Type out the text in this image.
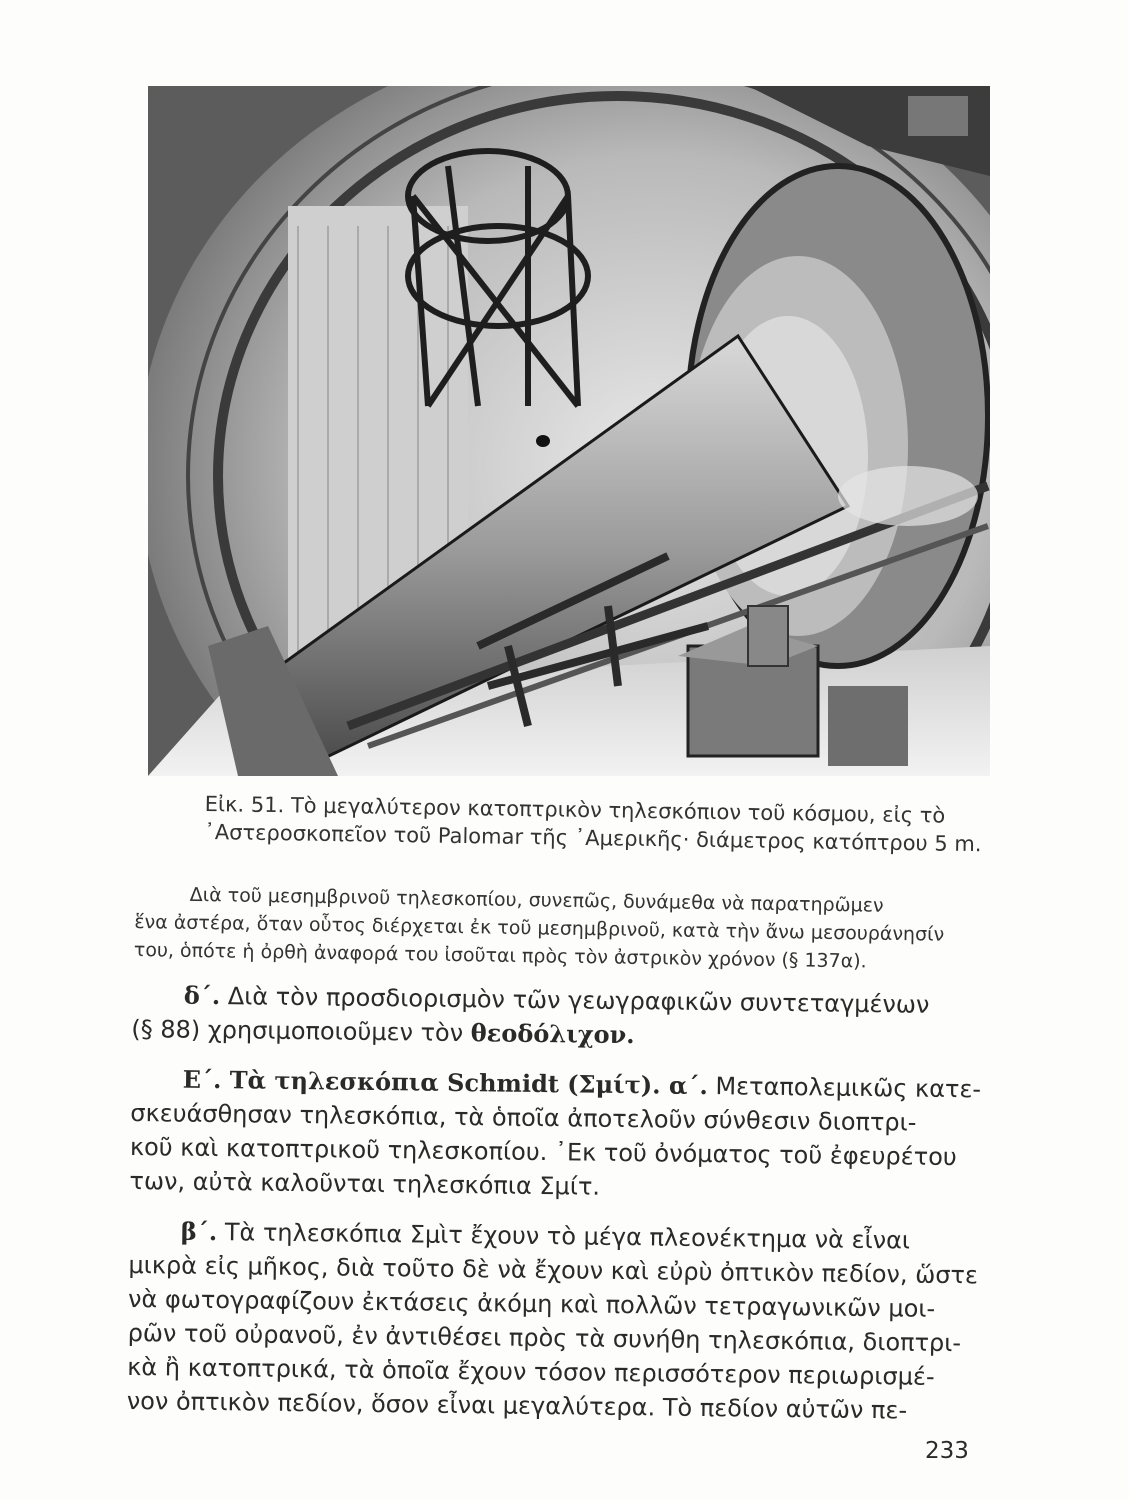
Εἰκ. 51. Τὸ μεγαλύτερον κατοπτρικὸν τηλεσκόπιον τοῦ κόσμου, εἰς τὸ
᾿Αστεροσκοπεῖον τοῦ Palomar τῆς ᾿Αμερικῆς· διάμετρος κατόπτρου 5 m.
Διὰ τοῦ μεσημβρινοῦ τηλεσκοπίου, συνεπῶς, δυνάμεθα νὰ παρατηρῶμεν
ἕνα ἀστέρα, ὅταν οὗτος διέρχεται ἐκ τοῦ μεσημβρινοῦ, κατὰ τὴν ἄνω μεσουράνησίν
του, ὁπότε ἡ ὀρθὴ ἀναφορά του ἰσοῦται πρὸς τὸν ἀστρικὸν χρόνον (§ 137α).
δ΄. Διὰ τὸν προσδιορισμὸν τῶν γεωγραφικῶν συντεταγμένων
(§ 88) χρησιμοποιοῦμεν τὸν θεοδόλιχον.
Ε΄. Τὰ τηλεσκόπια Schmidt (Σμίτ). α΄. Μεταπολεμικῶς κατε-
σκευάσθησαν τηλεσκόπια, τὰ ὁποῖα ἀποτελοῦν σύνθεσιν διοπτρι-
κοῦ καὶ κατοπτρικοῦ τηλεσκοπίου. ᾿Εκ τοῦ ὀνόματος τοῦ ἐφευρέτου
των, αὐτὰ καλοῦνται τηλεσκόπια Σμίτ.
β΄. Τὰ τηλεσκόπια Σμὶτ ἔχουν τὸ μέγα πλεονέκτημα νὰ εἶναι
μικρὰ εἰς μῆκος, διὰ τοῦτο δὲ νὰ ἔχουν καὶ εὐρὺ ὀπτικὸν πεδίον, ὥστε
νὰ φωτογραφίζουν ἐκτάσεις ἀκόμη καὶ πολλῶν τετραγωνικῶν μοι-
ρῶν τοῦ οὐρανοῦ, ἐν ἀντιθέσει πρὸς τὰ συνήθη τηλεσκόπια, διοπτρι-
κὰ ἢ κατοπτρικά, τὰ ὁποῖα ἔχουν τόσον περισσότερον περιωρισμέ-
νον ὀπτικὸν πεδίον, ὅσον εἶναι μεγαλύτερα. Τὸ πεδίον αὐτῶν πε-
233
